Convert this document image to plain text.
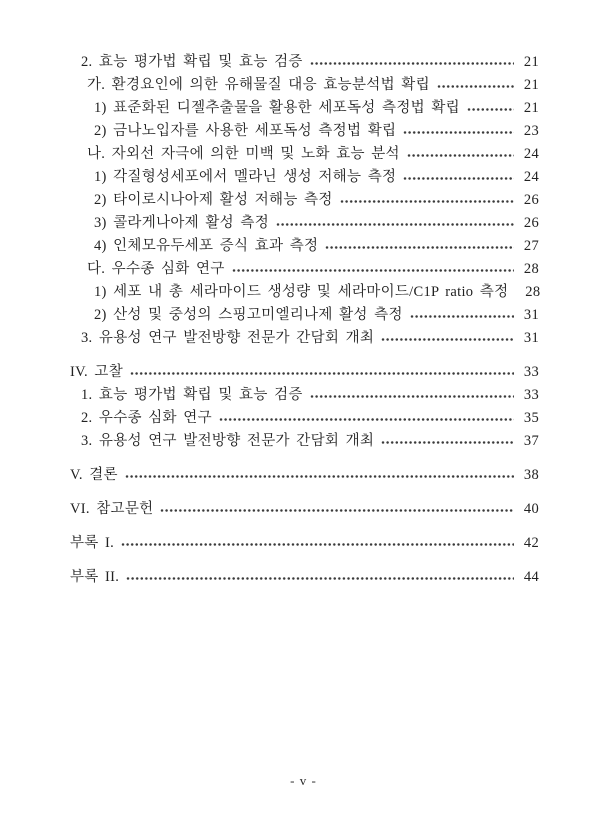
2. 효능 평가법 확립 및 효능 검증	21
가. 환경요인에 의한 유해물질 대응 효능분석법 확립	21
1) 표준화된 디젤추출물을 활용한 세포독성 측정법 확립	21
2) 금나노입자를 사용한 세포독성 측정법 확립	23
나. 자외선 자극에 의한 미백 및 노화 효능 분석	24
1) 각질형성세포에서 멜라닌 생성 저해능 측정	24
2) 타이로시나아제 활성 저해능 측정	26
3) 콜라게나아제 활성 측정	26
4) 인체모유두세포 증식 효과 측정	27
다. 우수종 심화 연구	28
1) 세포 내 총 세라마이드 생성량 및 세라마이드/C1P ratio 측정	28
2) 산성 및 중성의 스핑고미엘리나제 활성 측정	31
3. 유용성 연구 발전방향 전문가 간담회 개최	31
IV. 고찰	33
1. 효능 평가법 확립 및 효능 검증	33
2. 우수종 심화 연구	35
3. 유용성 연구 발전방향 전문가 간담회 개최	37
V. 결론	38
VI. 참고문헌	40
부록 I.	42
부록 II.	44
- v -
